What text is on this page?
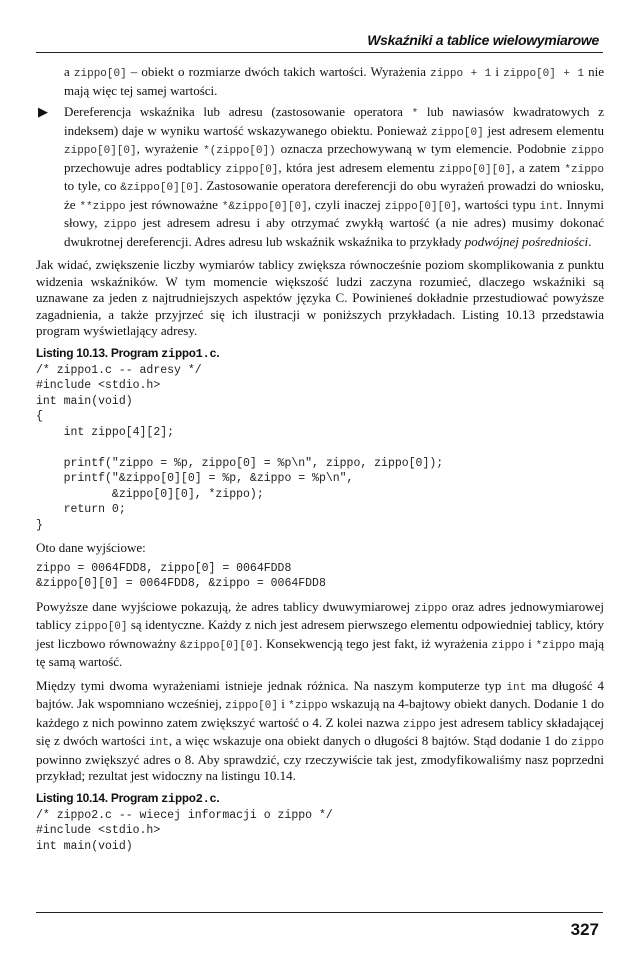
Wskaźniki a tablice wielowymiarowe

a zippo[0] – obiekt o rozmiarze dwóch takich wartości. Wyrażenia zippo + 1 i zippo[0] + 1 nie mają więc tej samej wartości.

▶ Dereferencja wskaźnika lub adresu (zastosowanie operatora * lub nawiasów kwadratowych z indeksem) daje w wyniku wartość wskazywanego obiektu. Ponieważ zippo[0] jest adresem elementu zippo[0][0], wyrażenie *(zippo[0]) oznacza przechowywaną w tym elemencie. Podobnie zippo przechowuje adres podtablicy zippo[0], która jest adresem elementu zippo[0][0], a zatem *zippo to tyle, co &zippo[0][0]. Zastosowanie operatora dereferencji do obu wyrażeń prowadzi do wniosku, że **zippo jest równoważne *&zippo[0][0], czyli inaczej zippo[0][0], wartości typu int. Innymi słowy, zippo jest adresem adresu i aby otrzymać zwykłą wartość (a nie adres) musimy dokonać dwukrotnej dereferencji. Adres adresu lub wskaźnik wskaźnika to przykłady podwójnej pośredniości.

Jak widać, zwiększenie liczby wymiarów tablicy zwiększa równocześnie poziom skomplikowania z punktu widzenia wskaźników. W tym momencie większość ludzi zaczyna rozumieć, dlaczego wskaźniki są uznawane za jeden z najtrudniejszych aspektów języka C. Powinieneś dokładnie przestudiować powyższe zagadnienia, a także przyjrzeć się ich ilustracji w poniższych przykładach. Listing 10.13 przedstawia program wyświetlający adresy.

Listing 10.13. Program zippo1.c.
/* zippo1.c -- adresy */
#include <stdio.h>
int main(void)
{
int zippo[4][2];

printf("zippo = %p, zippo[0] = %p\n", zippo, zippo[0]);
printf("&zippo[0][0] = %p, &zippo = %p\n",
&zippo[0][0], *zippo);
return 0;
}

Oto dane wyjściowe:

zippo = 0064FDD8, zippo[0] = 0064FDD8
&zippo[0][0] = 0064FDD8, &zippo = 0064FDD8

Powyższe dane wyjściowe pokazują, że adres tablicy dwuwymiarowej zippo oraz adres jednowymiarowej tablicy zippo[0] są identyczne. Każdy z nich jest adresem pierwszego elementu odpowiedniej tablicy, który jest liczbowo równoważny &zippo[0][0]. Konsekwencją tego jest fakt, iż wyrażenia zippo i *zippo mają tę samą wartość.

Między tymi dwoma wyrażeniami istnieje jednak różnica. Na naszym komputerze typ int ma długość 4 bajtów. Jak wspomniano wcześniej, zippo[0] i *zippo wskazują na 4-bajtowy obiekt danych. Dodanie 1 do każdego z nich powinno zatem zwiększyć wartość o 4. Z kolei nazwa zippo jest adresem tablicy składającej się z dwóch wartości int, a więc wskazuje ona obiekt danych o długości 8 bajtów. Stąd dodanie 1 do zippo powinno zwiększyć adres o 8. Aby sprawdzić, czy rzeczywiście tak jest, zmodyfikowaliśmy nasz poprzedni przykład; rezultat jest widoczny na listingu 10.14.

Listing 10.14. Program zippo2.c.
/* zippo2.c -- wiecej informacji o zippo */
#include <stdio.h>
int main(void)
327
